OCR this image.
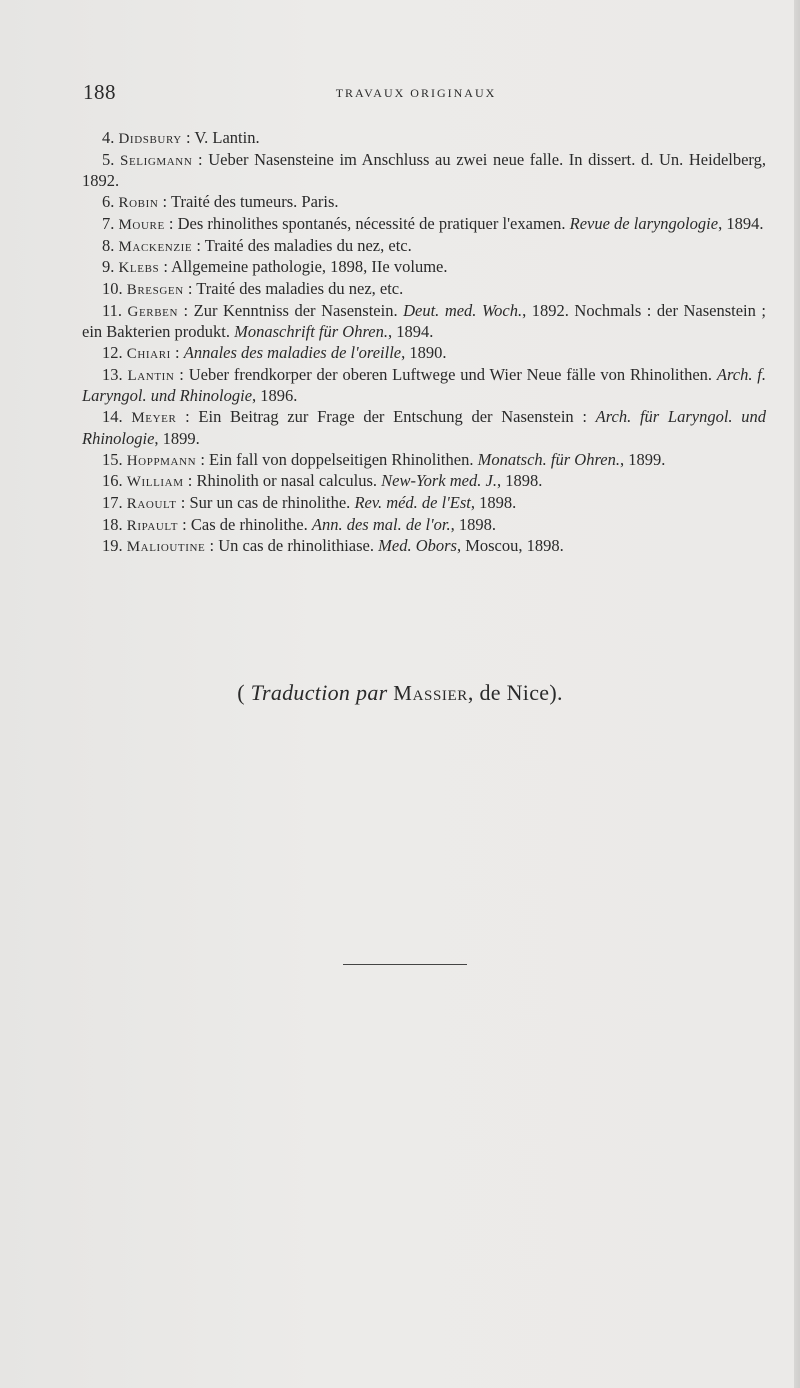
188	TRAVAUX ORIGINAUX
4. Didsbury : V. Lantin.
5. Seligmann : Ueber Nasensteine im Anschluss au zwei neue falle. In dissert. d. Un. Heidelberg, 1892.
6. Robin : Traité des tumeurs. Paris.
7. Moure : Des rhinolithes spontanés, nécessité de pratiquer l'examen. Revue de laryngologie, 1894.
8. Mackenzie : Traité des maladies du nez, etc.
9. Klebs : Allgemeine pathologie, 1898, IIe volume.
10. Bresgen : Traité des maladies du nez, etc.
11. Gerben : Zur Kenntniss der Nasenstein. Deut. med. Woch., 1892. Nochmals : der Nasenstein ; ein Bakterien produkt. Monaschrift für Ohren., 1894.
12. Chiari : Annales des maladies de l'oreille, 1890.
13. Lantin : Ueber frendkorper der oberen Luftwege und Wier Neue fälle von Rhinolithen. Arch. f. Laryngol. und Rhinologie, 1896.
14. Meyer : Ein Beitrag zur Frage der Entschung der Nasenstein : Arch. für Laryngol. und Rhinologie, 1899.
15. Hoppmann : Ein fall von doppelseitigen Rhinolithen. Monatsch. für Ohren., 1899.
16. William : Rhinolith or nasal calculus. New-York med. J., 1898.
17. Raoult : Sur un cas de rhinolithe. Rev. méd. de l'Est, 1898.
18. Ripault : Cas de rhinolithe. Ann. des mal. de l'or., 1898.
19. Malioutine : Un cas de rhinolithiase. Med. Obors, Moscou, 1898.
( Traduction par Massier, de Nice).
